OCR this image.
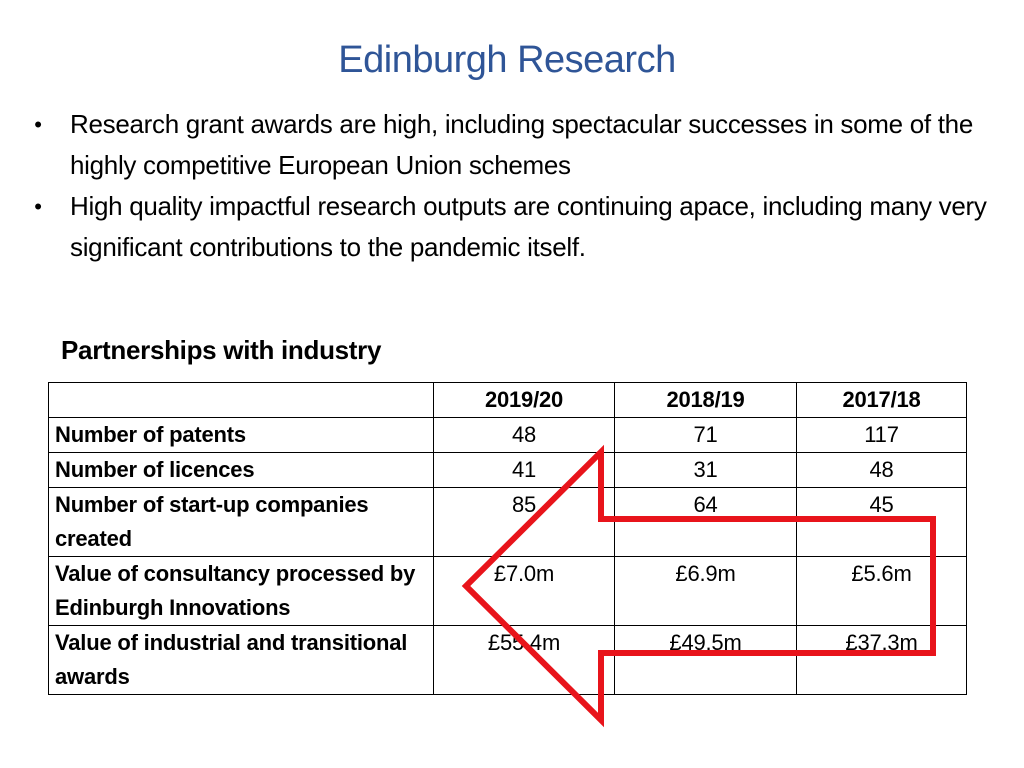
Edinburgh Research
• Research grant awards are high, including spectacular successes in some of the highly competitive European Union schemes
• High quality impactful research outputs are continuing apace, including many very significant contributions to the pandemic itself.
Partnerships with industry
	2019/20	2018/19	2017/18
Number of patents	48	71	117
Number of licences	41	31	48
Number of start-up companies created	85	64	45
Value of consultancy processed by Edinburgh Innovations	£7.0m	£6.9m	£5.6m
Value of industrial and transitional awards	£55.4m	£49.5m	£37.3m
